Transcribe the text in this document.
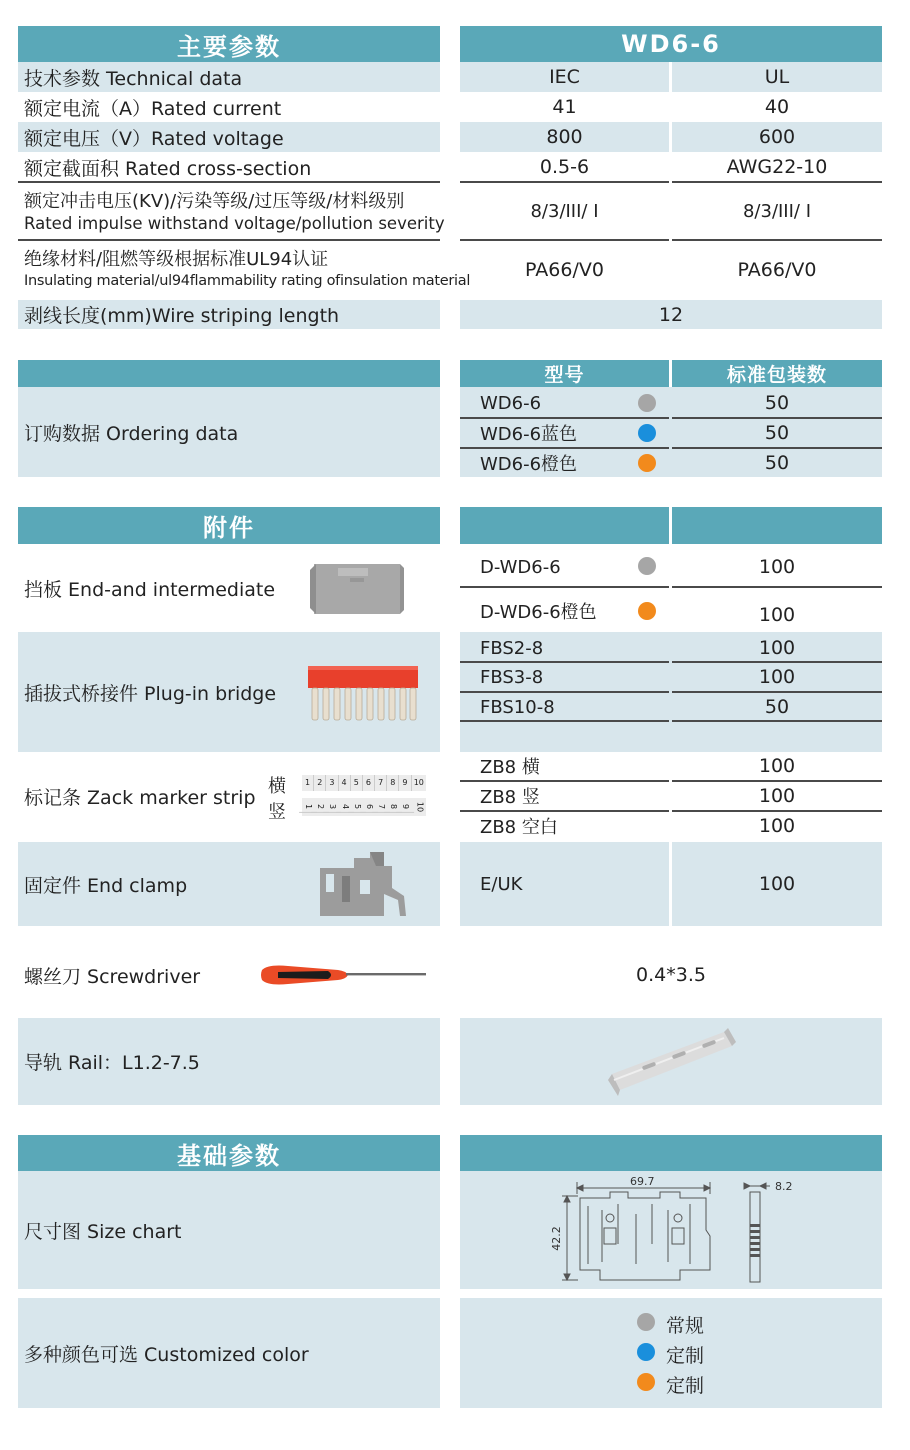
主要参数	WD6-6
技术参数 Technical data	IEC	UL
额定电流（A）Rated current	41	40
额定电压（V）Rated voltage	800	600
额定截面积 Rated cross-section	0.5-6	AWG22-10
额定冲击电压(KV)/污染等级/过压等级/材料级别
Rated impulse withstand voltage/pollution severity
8/3/III/ I	8/3/III/ I
绝缘材料/阻燃等级根据标准UL94认证
Insulating material/ul94flammability rating ofinsulation material
PA66/V0	PA66/V0
剥线长度(mm)Wire striping length	12
订购数据 Ordering data
型号	标准包装数
WD6-6	50
WD6-6蓝色	50
WD6-6橙色	50
附件
挡板 End-and intermediate
D-WD6-6	100
D-WD6-6橙色	100
插拔式桥接件 Plug-in bridge
FBS2-8	100
FBS3-8	100
FBS10-8	50
标记条 Zack marker strip 横
竖
1 2 3 4 5 6 7 8 9 10
1 2 3 4 5 6 7 8 9 10
ZB8 横	100
ZB8 竖	100
ZB8 空白	100
固定件 End clamp	E/UK	100
螺丝刀 Screwdriver	0.4*3.5
导轨 Rail：L1.2-7.5
基础参数
尺寸图 Size chart
69.7
42.2
8.2
多种颜色可选 Customized color
常规
定制
定制
